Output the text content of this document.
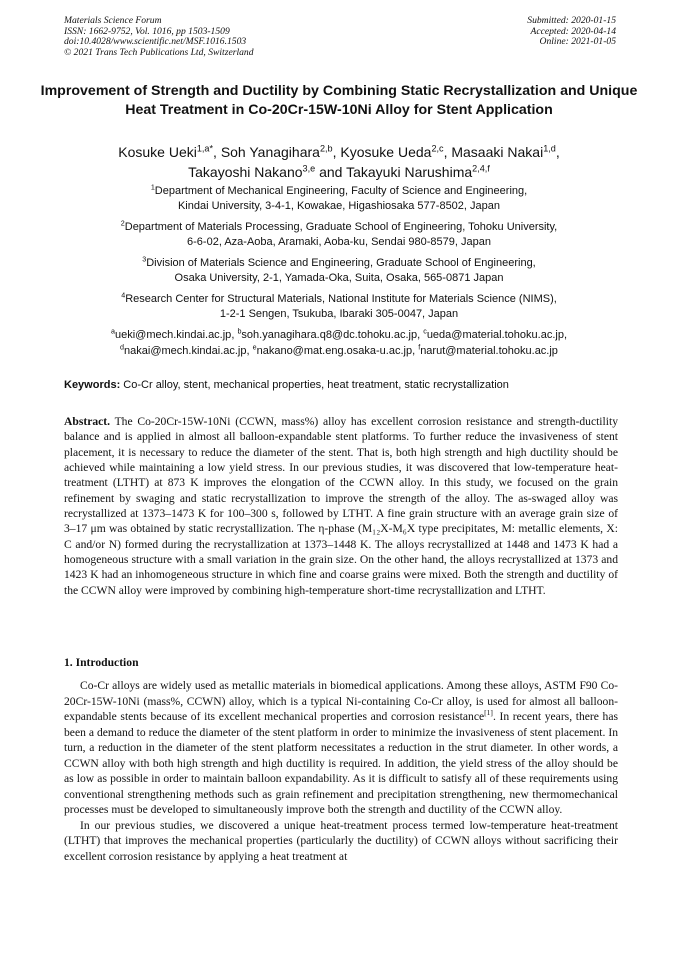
Materials Science Forum
ISSN: 1662-9752, Vol. 1016, pp 1503-1509
doi:10.4028/www.scientific.net/MSF.1016.1503
© 2021 Trans Tech Publications Ltd, Switzerland
Submitted: 2020-01-15
Accepted: 2020-04-14
Online: 2021-01-05
Improvement of Strength and Ductility by Combining Static Recrystallization and Unique Heat Treatment in Co-20Cr-15W-10Ni Alloy for Stent Application
Kosuke Ueki$^{1,a*}$, Soh Yanagihara$^{2,b}$, Kyosuke Ueda$^{2,c}$, Masaaki Nakai$^{1,d}$,
Takayoshi Nakano$^{3,e}$ and Takayuki Narushima$^{2,4,f}$
$^1$Department of Mechanical Engineering, Faculty of Science and Engineering,
Kindai University, 3-4-1, Kowakae, Higashiosaka 577-8502, Japan
$^2$Department of Materials Processing, Graduate School of Engineering, Tohoku University,
6-6-02, Aza-Aoba, Aramaki, Aoba-ku, Sendai 980-8579, Japan
$^3$Division of Materials Science and Engineering, Graduate School of Engineering,
Osaka University, 2-1, Yamada-Oka, Suita, Osaka, 565-0871 Japan
$^4$Research Center for Structural Materials, National Institute for Materials Science (NIMS),
1-2-1 Sengen, Tsukuba, Ibaraki 305-0047, Japan
$^a$ueki@mech.kindai.ac.jp, $^b$soh.yanagihara.q8@dc.tohoku.ac.jp, $^c$ueda@material.tohoku.ac.jp,
$^d$nakai@mech.kindai.ac.jp, $^e$nakano@mat.eng.osaka-u.ac.jp, $^f$narut@material.tohoku.ac.jp
Keywords: Co-Cr alloy, stent, mechanical properties, heat treatment, static recrystallization
Abstract. The Co-20Cr-15W-10Ni (CCWN, mass%) alloy has excellent corrosion resistance and strength-ductility balance and is applied in almost all balloon-expandable stent platforms. To further reduce the invasiveness of stent placement, it is necessary to reduce the diameter of the stent. That is, both high strength and high ductility should be achieved while maintaining a low yield stress. In our previous studies, it was discovered that low-temperature heat-treatment (LTHT) at 873 K improves the elongation of the CCWN alloy. In this study, we focused on the grain refinement by swaging and static recrystallization to improve the strength of the alloy. The as-swaged alloy was recrystallized at 1373–1473 K for 100–300 s, followed by LTHT. A fine grain structure with an average grain size of 3–17 μm was obtained by static recrystallization. The η-phase (M₁₂X-M₆X type precipitates, M: metallic elements, X: C and/or N) formed during the recrystallization at 1373–1448 K. The alloys recrystallized at 1448 and 1473 K had a homogeneous structure with a small variation in the grain size. On the other hand, the alloys recrystallized at 1373 and 1423 K had an inhomogeneous structure in which fine and coarse grains were mixed. Both the strength and ductility of the CCWN alloy were improved by combining high-temperature short-time recrystallization and LTHT.
1. Introduction

Co-Cr alloys are widely used as metallic materials in biomedical applications. Among these alloys, ASTM F90 Co-20Cr-15W-10Ni (mass%, CCWN) alloy, which is a typical Ni-containing Co-Cr alloy, is used for almost all balloon-expandable stents because of its excellent mechanical properties and corrosion resistance[1]. In recent years, there has been a demand to reduce the diameter of the stent platform in order to minimize the invasiveness of stent placement. In turn, a reduction in the diameter of the stent platform necessitates a reduction in the strut diameter. In other words, a CCWN alloy with both high strength and high ductility is required. In addition, the yield stress of the alloy should be as low as possible in order to maintain balloon expandability. As it is difficult to satisfy all of these requirements using conventional strengthening methods such as grain refinement and precipitation strengthening, new thermomechanical processes must be developed to simultaneously improve both the strength and ductility of the CCWN alloy.

In our previous studies, we discovered a unique heat-treatment process termed low-temperature heat-treatment (LTHT) that improves the mechanical properties (particularly the ductility) of CCWN alloys without sacrificing their excellent corrosion resistance by applying a heat treatment at
